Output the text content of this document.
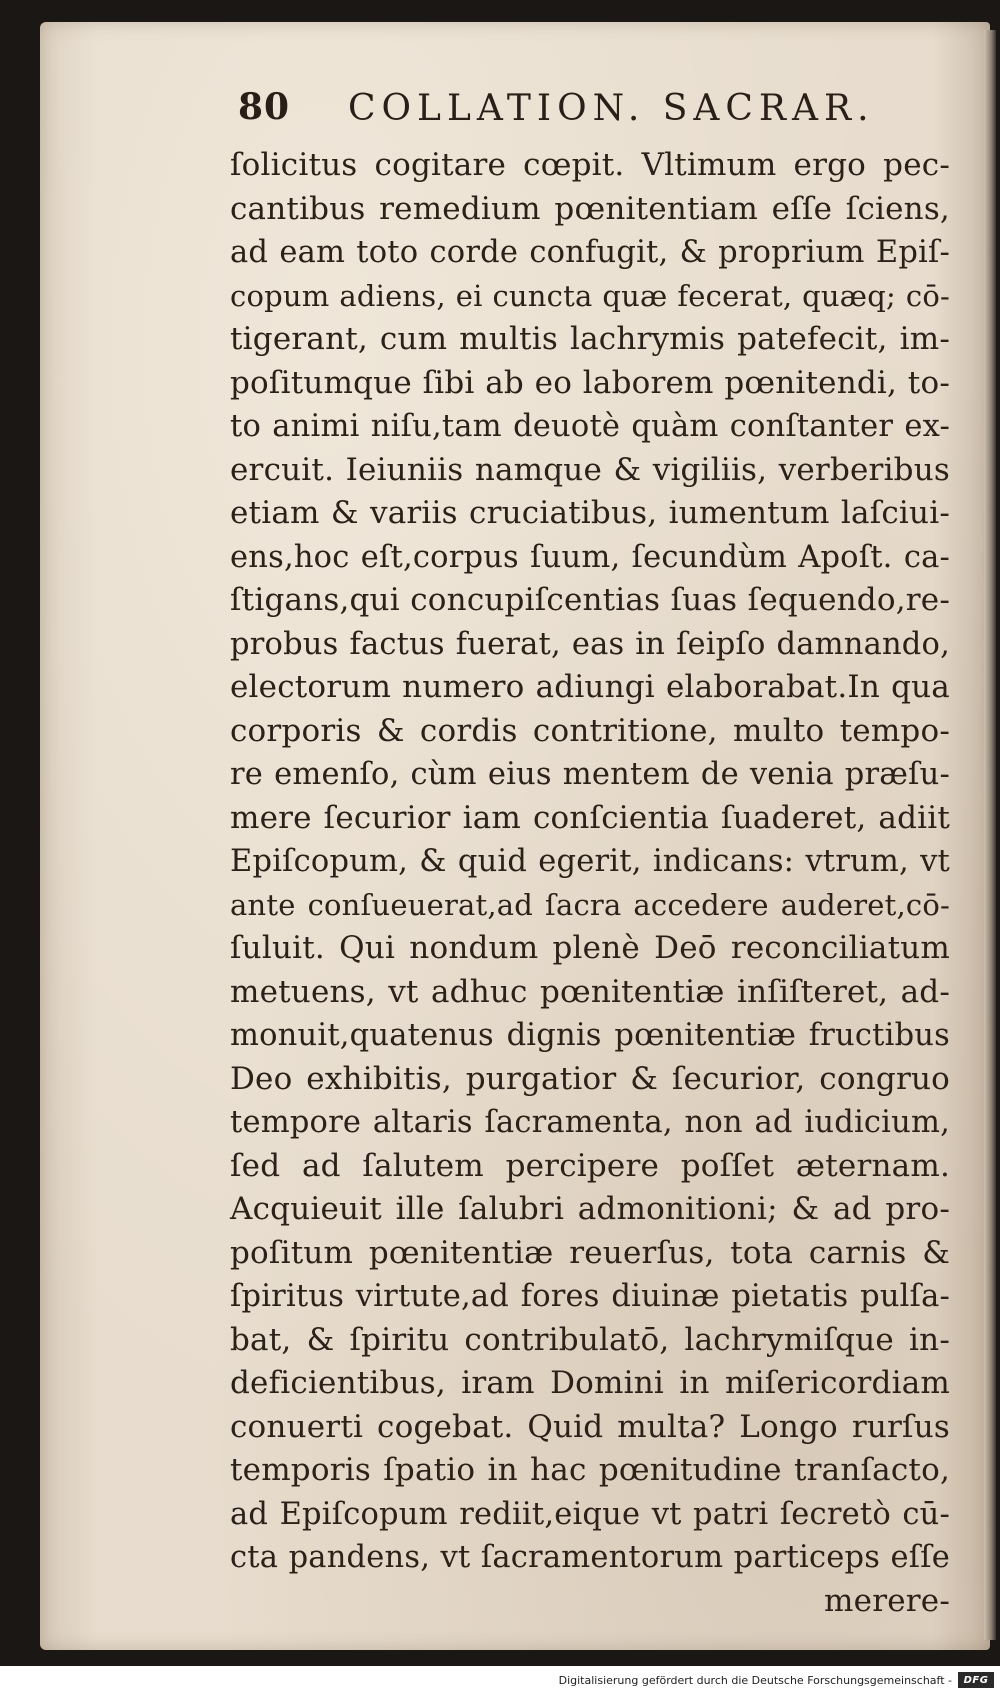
80 COLLATION. SACRAR.
ſolicitus cogitare cœpit. Vltimum ergo pec-
cantibus remedium pœnitentiam eſſe ſciens,
ad eam toto corde confugit, & proprium Epiſ-
copum adiens, ei cuncta quæ fecerat, quæq; cō-
tigerant, cum multis lachrymis patefecit, im-
poſitumque ſibi ab eo laborem pœnitendi, to-
to animi niſu,tam deuotè quàm conſtanter ex-
ercuit. Ieiuniis namque & vigiliis, verberibus
etiam & variis cruciatibus, iumentum laſciui-
ens,hoc eſt,corpus ſuum, ſecundùm Apoſt. ca-
ſtigans,qui concupiſcentias ſuas ſequendo,re-
probus factus fuerat, eas in ſeipſo damnando,
electorum numero adiungi elaborabat.In qua
corporis & cordis contritione, multo tempo-
re emenſo, cùm eius mentem de venia præſu-
mere ſecurior iam conſcientia ſuaderet, adiit
Epiſcopum, & quid egerit, indicans: vtrum, vt
ante conſueuerat,ad ſacra accedere auderet,cō-
ſuluit. Qui nondum plenè Deō reconciliatum
metuens, vt adhuc pœnitentiæ inſiſteret, ad-
monuit,quatenus dignis pœnitentiæ fructibus
Deo exhibitis, purgatior & ſecurior, congruo
tempore altaris ſacramenta, non ad iudicium,
ſed ad ſalutem percipere poſſet æternam.
Acquieuit ille ſalubri admonitioni; & ad pro-
poſitum pœnitentiæ reuerſus, tota carnis &
ſpiritus virtute,ad fores diuinæ pietatis pulſa-
bat, & ſpiritu contribulatō, lachrymiſque in-
deficientibus, iram Domini in miſericordiam
conuerti cogebat. Quid multa? Longo rurſus
temporis ſpatio in hac pœnitudine tranſacto,
ad Epiſcopum rediit,eique vt patri ſecretò cū-
cta pandens, vt ſacramentorum particeps eſſe
merere-
Digitalisierung gefördert durch die Deutsche Forschungsgemeinschaft -	DFG
